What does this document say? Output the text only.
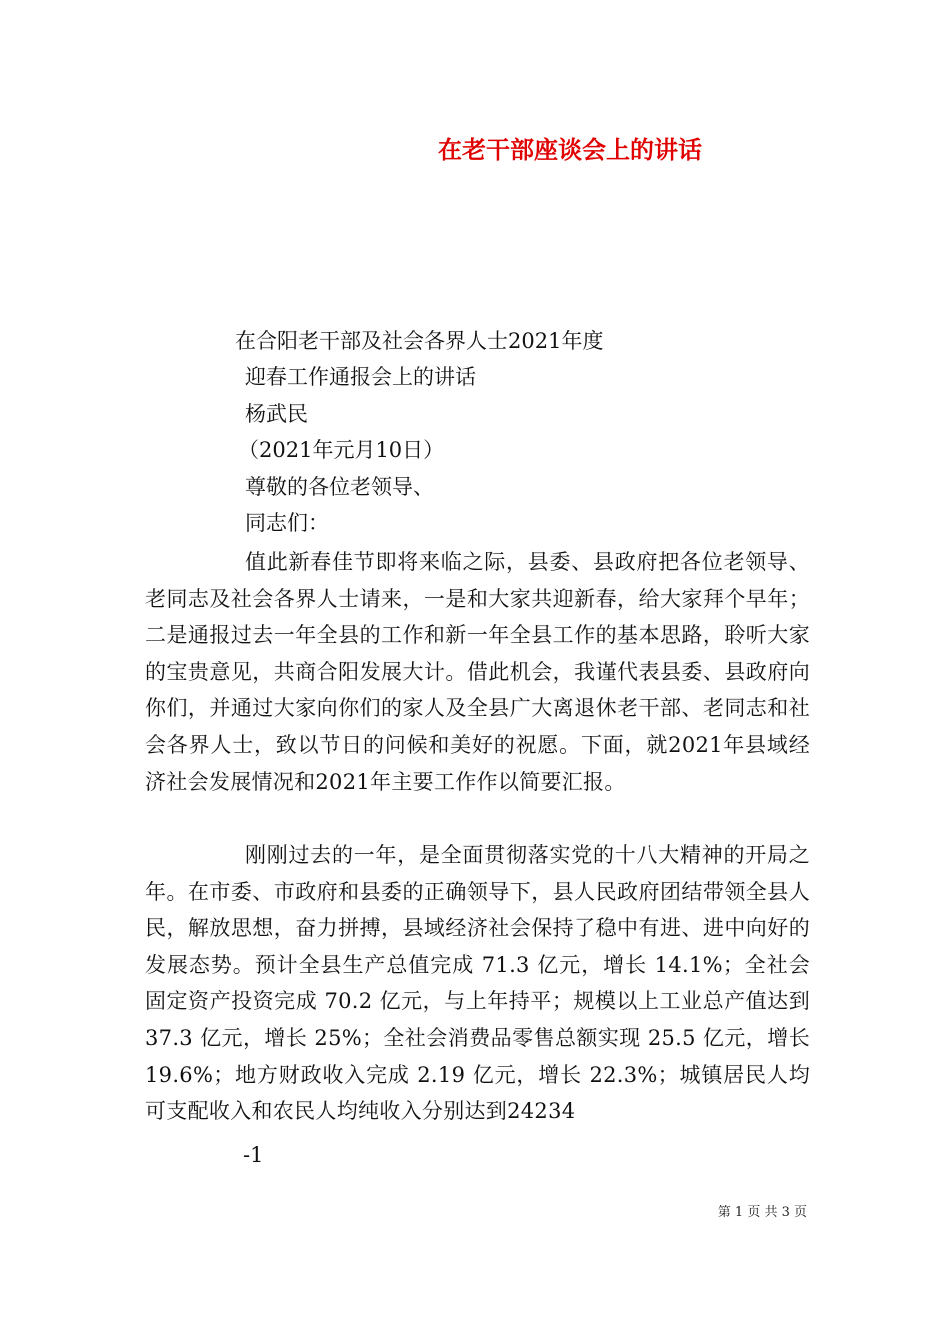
在老干部座谈会上的讲话
在合阳老干部及社会各界人士2021年度
迎春工作通报会上的讲话
杨武民
（2021年元月10日）
尊敬的各位老领导、
同志们：
值此新春佳节即将来临之际，县委、县政府把各位老领导、老同志及社会各界人士请来，一是和大家共迎新春，给大家拜个早年；二是通报过去一年全县的工作和新一年全县工作的基本思路，聆听大家的宝贵意见，共商合阳发展大计。借此机会，我谨代表县委、县政府向你们，并通过大家向你们的家人及全县广大离退休老干部、老同志和社会各界人士，致以节日的问候和美好的祝愿。下面，就2021年县域经济社会发展情况和2021年主要工作作以简要汇报。
刚刚过去的一年，是全面贯彻落实党的十八大精神的开局之年。在市委、市政府和县委的正确领导下，县人民政府团结带领全县人民，解放思想，奋力拼搏，县域经济社会保持了稳中有进、进中向好的发展态势。预计全县生产总值完成 71.3 亿元，增长 14.1%；全社会固定资产投资完成 70.2 亿元，与上年持平；规模以上工业总产值达到 37.3 亿元，增长 25%；全社会消费品零售总额实现 25.5 亿元，增长 19.6%；地方财政收入完成 2.19 亿元，增长 22.3%；城镇居民人均可支配收入和农民人均纯收入分别达到24234
-1
第 1 页 共 3 页
